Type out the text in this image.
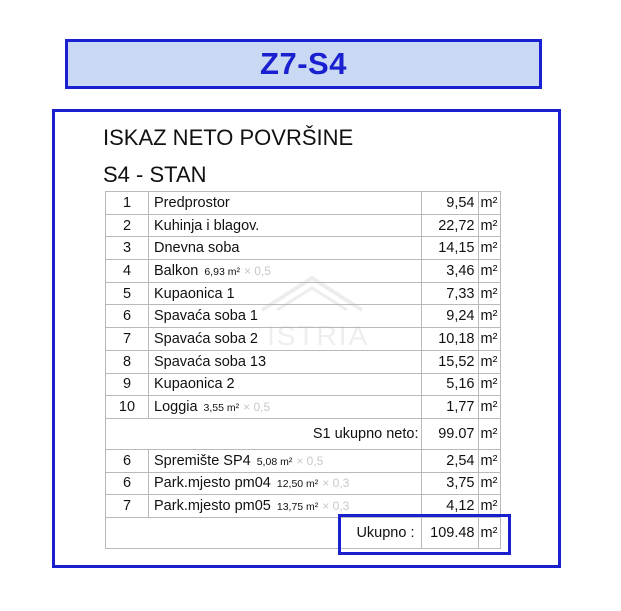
Z7-S4
ISTRIA
ISKAZ NETO POVRŠINE
S4 - STAN
1	Predprostor	9,54	m²
2	Kuhinja i blagov.	22,72	m²
3	Dnevna soba	14,15	m²
4	Balkon 6,93 m² × 0,5	3,46	m²
5	Kupaonica 1	7,33	m²
6	Spavaća soba 1	9,24	m²
7	Spavaća soba 2	10,18	m²
8	Spavaća soba 13	15,52	m²
9	Kupaonica 2	5,16	m²
10	Loggia 3,55 m² × 0,5	1,77	m²
	S1 ukupno neto:	99.07	m²
6	Spremište SP4 5,08 m² × 0,5	2,54	m²
6	Park.mjesto pm04 12,50 m² × 0,3	3,75	m²
7	Park.mjesto pm05 13,75 m² × 0,3	4,12	m²
	Ukupno :	109.48	m²
